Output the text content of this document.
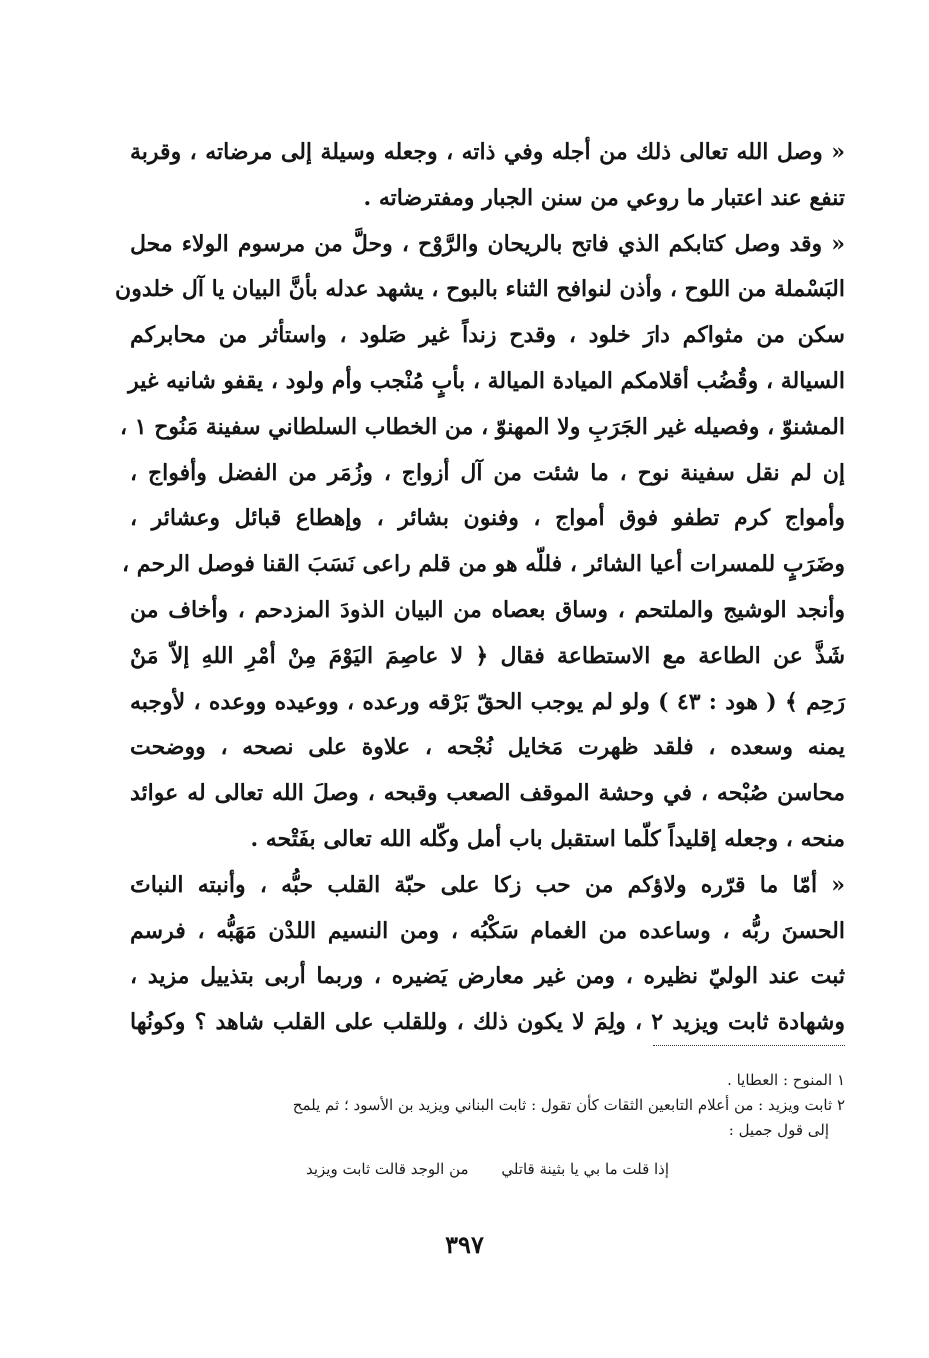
« وصل الله تعالى ذلك من أجله وفي ذاته ، وجعله وسيلة إلى مرضاته ، وقربة
تنفع عند اعتبار ما روعي من سنن الجبار ومفترضاته .
« وقد وصل كتابكم الذي فاتح بالريحان والرَّوْح ، وحلَّ من مرسوم الولاء محل
البَسْملة من اللوح ، وأذن لنوافح الثناء بالبوح ، يشهد عدله بأنَّ البيان يا آل خلدون
سكن من مثواكم دارَ خلود ، وقدح زنداً غير صَلود ، واستأثر من محابركم
السيالة ، وقُضُب أقلامكم الميادة الميالة ، بأبٍ مُنْجب وأم ولود ، يقفو شانيه غير
المشنوّ ، وفصيله غير الجَرَبِ ولا المهنوّ ، من الخطاب السلطاني سفينة مَنُوح ١ ،
إن لم نقل سفينة نوح ، ما شئت من آل أزواج ، وزُمَر من الفضل وأفواج ،
وأمواج كرم تطفو فوق أمواج ، وفنون بشائر ، وإهطاع قبائل وعشائر ،
وضَرَبٍ للمسرات أعيا الشائر ، فللّه هو من قلم راعى نَسَبَ القنا فوصل الرحم ،
وأنجد الوشيج والملتحم ، وساق بعصاه من البيان الذودَ المزدحم ، وأخاف من
شَذَّ عن الطاعة مع الاستطاعة فقال ﴿ لا عاصِمَ اليَوْمَ مِنْ أمْرِ اللهِ إلاّ مَنْ
رَحِم ﴾ ( هود : ٤٣ ) ولو لم يوجب الحقّ بَرْقه ورعده ، ووعيده ووعده ، لأوجبه
يمنه وسعده ، فلقد ظهرت مَخايل نُجْحه ، علاوة على نصحه ، ووضحت
محاسن صُبْحه ، في وحشة الموقف الصعب وقبحه ، وصلَ الله تعالى له عوائد
منحه ، وجعله إقليداً كلّما استقبل باب أمل وكّله الله تعالى بفَتْحه .
« أمّا ما قرّره ولاؤكم من حب زكا على حبّة القلب حبُّه ، وأنبته النباتَ
الحسنَ ربُّه ، وساعده من الغمام سَكْبُه ، ومن النسيم اللدْن مَهَبُّه ، فرسم
ثبت عند الوليّ نظيره ، ومن غير معارض يَضيره ، وربما أربى بتذييل مزيد ،
وشهادة ثابت ويزيد ٢ ، ولِمَ لا يكون ذلك ، وللقلب على القلب شاهد ؟ وكونُها
١ المنوح : العطايا .
٢ ثابت ويزيد : من أعلام التابعين الثقات كأن تقول : ثابت البناني ويزيد بن الأسود ؛ ثم يلمح
إلى قول جميل :
إذا قلت ما بي يا بثينة قاتلي من الوجد قالت ثابت ويزيد
٣٩٧
